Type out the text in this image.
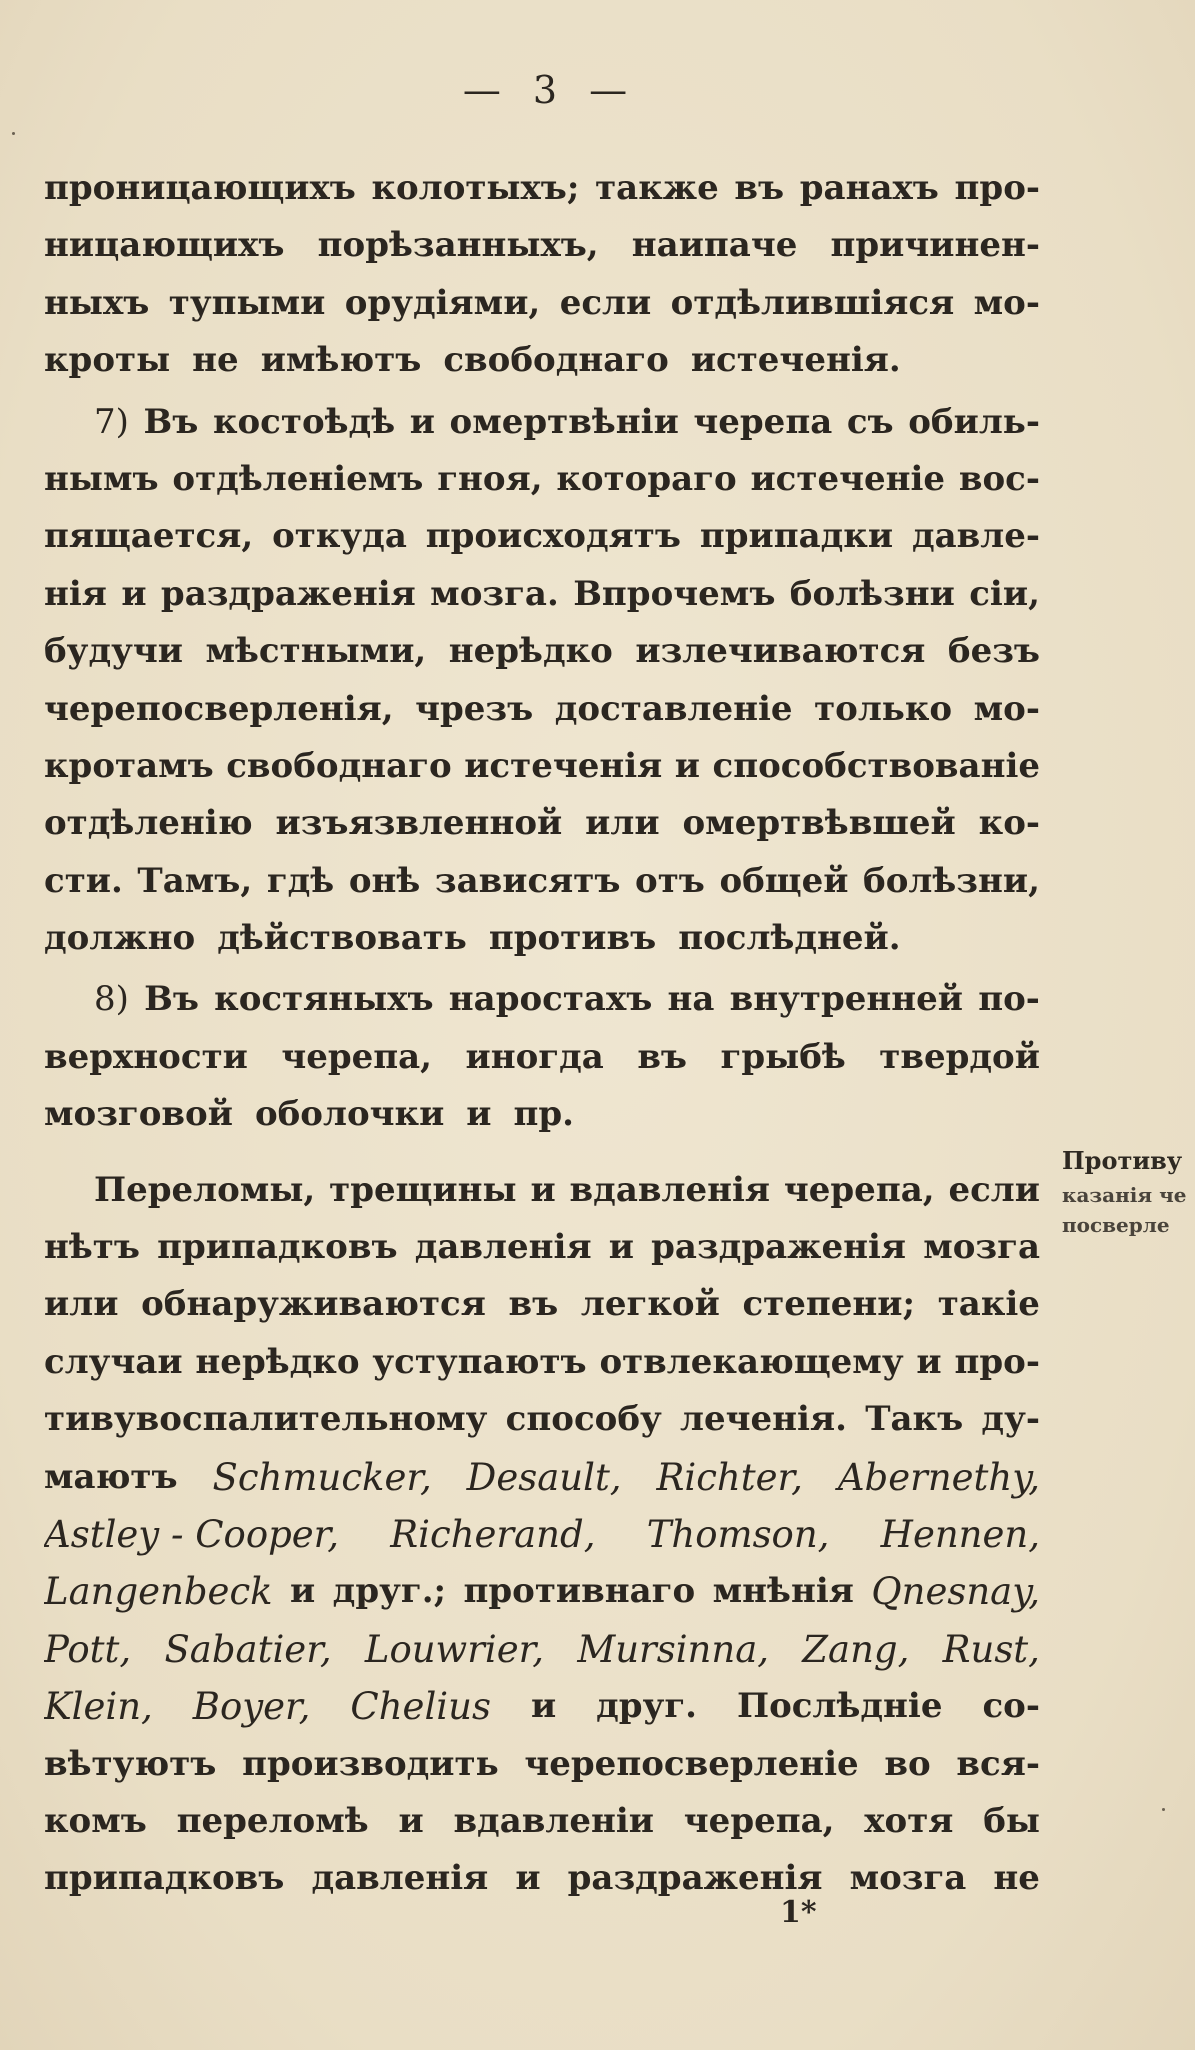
— 3 —
проницающихъ колотыхъ; также въ ранахъ про-
ницающихъ порѣзанныхъ, наипаче причинен-
ныхъ тупыми орудіями, если отдѣлившіяся мо-
кроты не имѣютъ свободнаго истеченія.
7) Въ костоѣдѣ и омертвѣніи черепа съ обиль-
нымъ отдѣленіемъ гноя, котораго истеченіе вос-
пящается, откуда происходятъ припадки давле-
нія и раздраженія мозга. Впрочемъ болѣзни сіи,
будучи мѣстными, нерѣдко излечиваются безъ
черепосверленія, чрезъ доставленіе только мо-
кротамъ свободнаго истеченія и способствованіе
отдѣленію изъязвленной или омертвѣвшей ко-
сти. Тамъ, гдѣ онѣ зависятъ отъ общей болѣзни,
должно дѣйствовать противъ послѣдней.
8) Въ костяныхъ наростахъ на внутренней по-
верхности черепа, иногда въ грыбѣ твердой
мозговой оболочки и пр.
Переломы, трещины и вдавленія черепа, если
нѣтъ припадковъ давленія и раздраженія мозга
или обнаруживаются въ легкой степени; такіе
случаи нерѣдко уступаютъ отвлекающему и про-
тивувоспалительному способу леченія. Такъ ду-
маютъ Schmucker, Desault, Richter, Abernethy,
Astley - Cooper, Richerand, Thomson, Hennen,
Langenbeck и друг.; противнаго мнѣнія Qnesnay,
Pott, Sabatier, Louwrier, Mursinna, Zang, Rust,
Klein, Boyer, Chelius и друг. Послѣдніе со-
вѣтуютъ производить черепосверленіе во вся-
комъ переломѣ и вдавленіи черепа, хотя бы
припадковъ давленія и раздраженія мозга не
Противу
казанія че
посверле
1*
